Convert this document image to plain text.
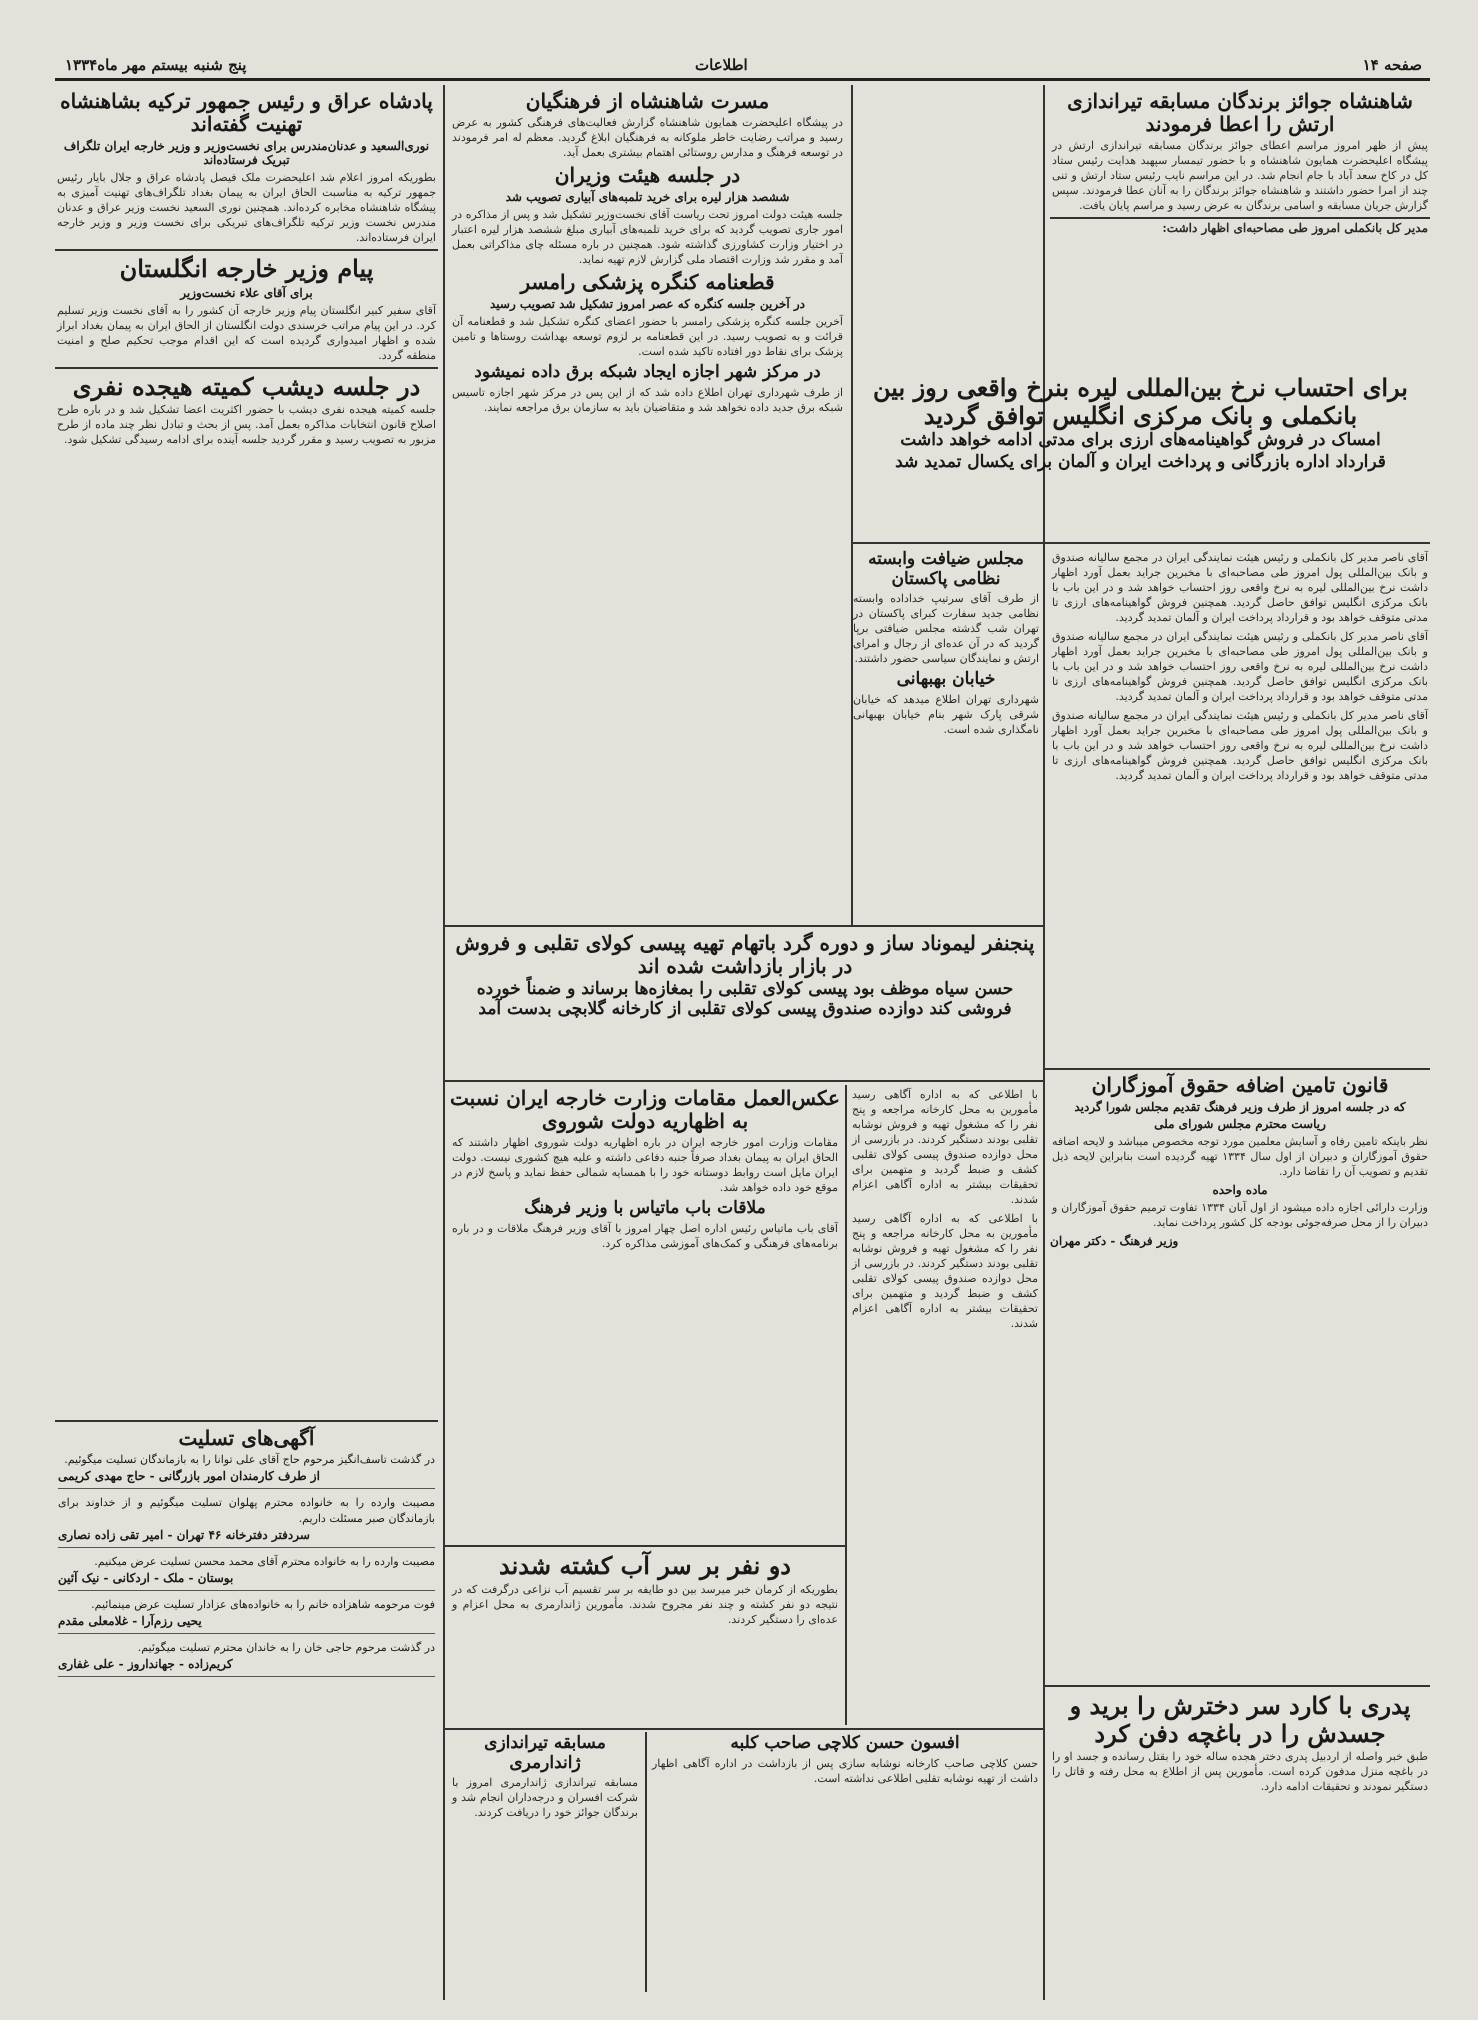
صفحه ۱۴
اطلاعات
پنج شنبه بیستم مهر ماه۱۳۳۴
شاهنشاه جوائز برندگان مسابقه تیراندازی ارتش را اعطا فرمودند
پیش از ظهر امروز مراسم اعطای جوائز برندگان مسابقه تیراندازی ارتش در پیشگاه اعلیحضرت همایون شاهنشاه و با حضور تیمسار سپهبد هدایت رئیس ستاد کل در کاخ سعد آباد با جام انجام شد. در این مراسم نایب رئیس ستاد ارتش و تنی چند از امرا حضور داشتند و شاهنشاه جوائز برندگان را به آنان عطا فرمودند. سپس گزارش جریان مسابقه و اسامی برندگان به عرض رسید و مراسم پایان یافت.
مدیر کل بانکملی امروز طی مصاحبه‌ای اظهار داشت:
برای احتساب نرخ بین‌المللی لیره بنرخ واقعی روز بین بانکملی و بانک مرکزی انگلیس توافق گردید
امساک در فروش گواهینامه‌های ارزی برای مدتی ادامه خواهد داشت
قرارداد اداره بازرگانی و پرداخت ایران و آلمان برای یکسال تمدید شد
آقای ناصر مدیر کل بانکملی و رئیس هیئت نمایندگی ایران در مجمع سالیانه صندوق و بانک بین‌المللی پول امروز طی مصاحبه‌ای با مخبرین جراید بعمل آورد اظهار داشت نرخ بین‌المللی لیره به نرخ واقعی روز احتساب خواهد شد و در این باب با بانک مرکزی انگلیس توافق حاصل گردید. همچنین فروش گواهینامه‌های ارزی تا مدتی متوقف خواهد بود و قرارداد پرداخت ایران و آلمان تمدید گردید.
آقای ناصر مدیر کل بانکملی و رئیس هیئت نمایندگی ایران در مجمع سالیانه صندوق و بانک بین‌المللی پول امروز طی مصاحبه‌ای با مخبرین جراید بعمل آورد اظهار داشت نرخ بین‌المللی لیره به نرخ واقعی روز احتساب خواهد شد و در این باب با بانک مرکزی انگلیس توافق حاصل گردید. همچنین فروش گواهینامه‌های ارزی تا مدتی متوقف خواهد بود و قرارداد پرداخت ایران و آلمان تمدید گردید.
آقای ناصر مدیر کل بانکملی و رئیس هیئت نمایندگی ایران در مجمع سالیانه صندوق و بانک بین‌المللی پول امروز طی مصاحبه‌ای با مخبرین جراید بعمل آورد اظهار داشت نرخ بین‌المللی لیره به نرخ واقعی روز احتساب خواهد شد و در این باب با بانک مرکزی انگلیس توافق حاصل گردید. همچنین فروش گواهینامه‌های ارزی تا مدتی متوقف خواهد بود و قرارداد پرداخت ایران و آلمان تمدید گردید.
مجلس ضیافت وابسته نظامی پاکستان
از طرف آقای سرتیپ خداداده وابسته نظامی جدید سفارت کبرای پاکستان در تهران شب گذشته مجلس ضیافتی برپا گردید که در آن عده‌ای از رجال و امرای ارتش و نمایندگان سیاسی حضور داشتند.
خیابان بهبهانی
شهرداری تهران اطلاع میدهد که خیابان شرقی پارک شهر بنام خیابان بهبهانی نامگذاری شده است.
قانون تامین اضافه حقوق آموزگاران
که در جلسه امروز از طرف وزیر فرهنگ تقدیم مجلس شورا گردید
ریاست محترم مجلس شورای ملی
نظر باینکه تامین رفاه و آسایش معلمین مورد توجه مخصوص میباشد و لایحه اضافه حقوق آموزگاران و دبیران از اول سال ۱۳۳۴ تهیه گردیده است بنابراین لایحه ذیل تقدیم و تصویب آن را تقاضا دارد.
ماده واحده
وزارت دارائی اجازه داده میشود از اول آبان ۱۳۳۴ تفاوت ترمیم حقوق آموزگاران و دبیران را از محل صرفه‌جوئی بودجه کل کشور پرداخت نماید.
وزیر فرهنگ - دکتر مهران
پدری با کارد سر دخترش را برید و جسدش را در باغچه دفن کرد
طبق خبر واصله از اردبیل پدری دختر هجده ساله خود را بقتل رسانده و جسد او را در باغچه منزل مدفون کرده است. مأمورین پس از اطلاع به محل رفته و قاتل را دستگیر نمودند و تحقیقات ادامه دارد.
مسرت شاهنشاه از فرهنگیان
در پیشگاه اعلیحضرت همایون شاهنشاه گزارش فعالیت‌های فرهنگی کشور به عرض رسید و مراتب رضایت خاطر ملوکانه به فرهنگیان ابلاغ گردید. معظم له امر فرمودند در توسعه فرهنگ و مدارس روستائی اهتمام بیشتری بعمل آید.
در جلسه هیئت وزیران
ششصد هزار لیره برای خرید تلمبه‌های آبیاری تصویب شد
جلسه هیئت دولت امروز تحت ریاست آقای نخست‌وزیر تشکیل شد و پس از مذاکره در امور جاری تصویب گردید که برای خرید تلمبه‌های آبیاری مبلغ ششصد هزار لیره اعتبار در اختیار وزارت کشاورزی گذاشته شود. همچنین در باره مسئله چای مذاکراتی بعمل آمد و مقرر شد وزارت اقتصاد ملی گزارش لازم تهیه نماید.
قطعنامه کنگره پزشکی رامسر
در آخرین جلسه کنگره که عصر امروز تشکیل شد تصویب رسید
آخرین جلسه کنگره پزشکی رامسر با حضور اعضای کنگره تشکیل شد و قطعنامه آن قرائت و به تصویب رسید. در این قطعنامه بر لزوم توسعه بهداشت روستاها و تامین پزشک برای نقاط دور افتاده تاکید شده است.
در مرکز شهر اجازه ایجاد شبکه برق داده نمیشود
از طرف شهرداری تهران اطلاع داده شد که از این پس در مرکز شهر اجازه تاسیس شبکه برق جدید داده نخواهد شد و متقاضیان باید به سازمان برق مراجعه نمایند.
پنجنفر لیموناد ساز و دوره گرد باتهام تهیه پیسی کولای تقلبی و فروش در بازار بازداشت شده اند
حسن سیاه موظف بود پیسی کولای تقلبی را بمغازه‌ها برساند و ضمناً خورده فروشی کند دوازده صندوق پیسی کولای تقلبی از کارخانه گلابچی بدست آمد
عکس‌العمل مقامات وزارت خارجه ایران نسبت به اظهاریه دولت شوروی
مقامات وزارت امور خارجه ایران در باره اظهاریه دولت شوروی اظهار داشتند که الحاق ایران به پیمان بغداد صرفاً جنبه دفاعی داشته و علیه هیچ کشوری نیست. دولت ایران مایل است روابط دوستانه خود را با همسایه شمالی حفظ نماید و پاسخ لازم در موقع خود داده خواهد شد.
ملاقات باب ماتیاس با وزیر فرهنگ
آقای باب ماتیاس رئیس اداره اصل چهار امروز با آقای وزیر فرهنگ ملاقات و در باره برنامه‌های فرهنگی و کمک‌های آموزشی مذاکره کرد.
با اطلاعی که به اداره آگاهی رسید مأمورین به محل کارخانه مراجعه و پنج نفر را که مشغول تهیه و فروش نوشابه تقلبی بودند دستگیر کردند. در بازرسی از محل دوازده صندوق پیسی کولای تقلبی کشف و ضبط گردید و متهمین برای تحقیقات بیشتر به اداره آگاهی اعزام شدند.
با اطلاعی که به اداره آگاهی رسید مأمورین به محل کارخانه مراجعه و پنج نفر را که مشغول تهیه و فروش نوشابه تقلبی بودند دستگیر کردند. در بازرسی از محل دوازده صندوق پیسی کولای تقلبی کشف و ضبط گردید و متهمین برای تحقیقات بیشتر به اداره آگاهی اعزام شدند.
دو نفر بر سر آب کشته شدند
بطوریکه از کرمان خبر میرسد بین دو طایفه بر سر تقسیم آب نزاعی درگرفت که در نتیجه دو نفر کشته و چند نفر مجروح شدند. مأمورین ژاندارمری به محل اعزام و عده‌ای را دستگیر کردند.
مسابقه تیراندازی ژاندارمری
مسابقه تیراندازی ژاندارمری امروز با شرکت افسران و درجه‌داران انجام شد و برندگان جوائز خود را دریافت کردند.
افسون حسن کلاچی صاحب کلبه
حسن کلاچی صاحب کارخانه نوشابه سازی پس از بازداشت در اداره آگاهی اظهار داشت از تهیه نوشابه تقلبی اطلاعی نداشته است.
پادشاه عراق و رئیس جمهور ترکیه بشاهنشاه تهنیت گفته‌اند
نوری‌السعید و عدنان‌مندرس برای نخست‌وزیر و وزیر خارجه ایران تلگراف تبریک فرستاده‌اند
بطوریکه امروز اعلام شد اعلیحضرت ملک فیصل پادشاه عراق و جلال بایار رئیس جمهور ترکیه به مناسبت الحاق ایران به پیمان بغداد تلگراف‌های تهنیت آمیزی به پیشگاه شاهنشاه مخابره کرده‌اند. همچنین نوری السعید نخست وزیر عراق و عدنان مندرس نخست وزیر ترکیه تلگراف‌های تبریکی برای نخست وزیر و وزیر خارجه ایران فرستاده‌اند.
پیام وزیر خارجه انگلستان
برای آقای علاء نخست‌وزیر
آقای سفیر کبیر انگلستان پیام وزیر خارجه آن کشور را به آقای نخست وزیر تسلیم کرد. در این پیام مراتب خرسندی دولت انگلستان از الحاق ایران به پیمان بغداد ابراز شده و اظهار امیدواری گردیده است که این اقدام موجب تحکیم صلح و امنیت منطقه گردد.
در جلسه دیشب کمیته هیجده نفری
جلسه کمیته هیجده نفری دیشب با حضور اکثریت اعضا تشکیل شد و در باره طرح اصلاح قانون انتخابات مذاکره بعمل آمد. پس از بحث و تبادل نظر چند ماده از طرح مزبور به تصویب رسید و مقرر گردید جلسه آینده برای ادامه رسیدگی تشکیل شود.
آگهی‌های تسلیت
در گذشت تاسف‌انگیز مرحوم حاج آقای علی توانا را به بازماندگان تسلیت میگوئیم.
از طرف کارمندان امور بازرگانی - حاج مهدی کریمی
مصیبت وارده را به خانواده محترم پهلوان تسلیت میگوئیم و از خداوند برای بازماندگان صبر مسئلت داریم.
سردفتر دفترخانه ۴۶ تهران - امیر تقی زاده نصاری
مصیبت وارده را به خانواده محترم آقای محمد محسن تسلیت عرض میکنیم.
بوستان - ملک - اردکانی - نیک آئین
فوت مرحومه شاهزاده خانم را به خانواده‌های عزادار تسلیت عرض مینمائیم.
یحیی رزم‌آرا - غلامعلی مقدم
در گذشت مرحوم حاجی خان را به خاندان محترم تسلیت میگوئیم.
کریم‌زاده - جهانداروز - علی غفاری
